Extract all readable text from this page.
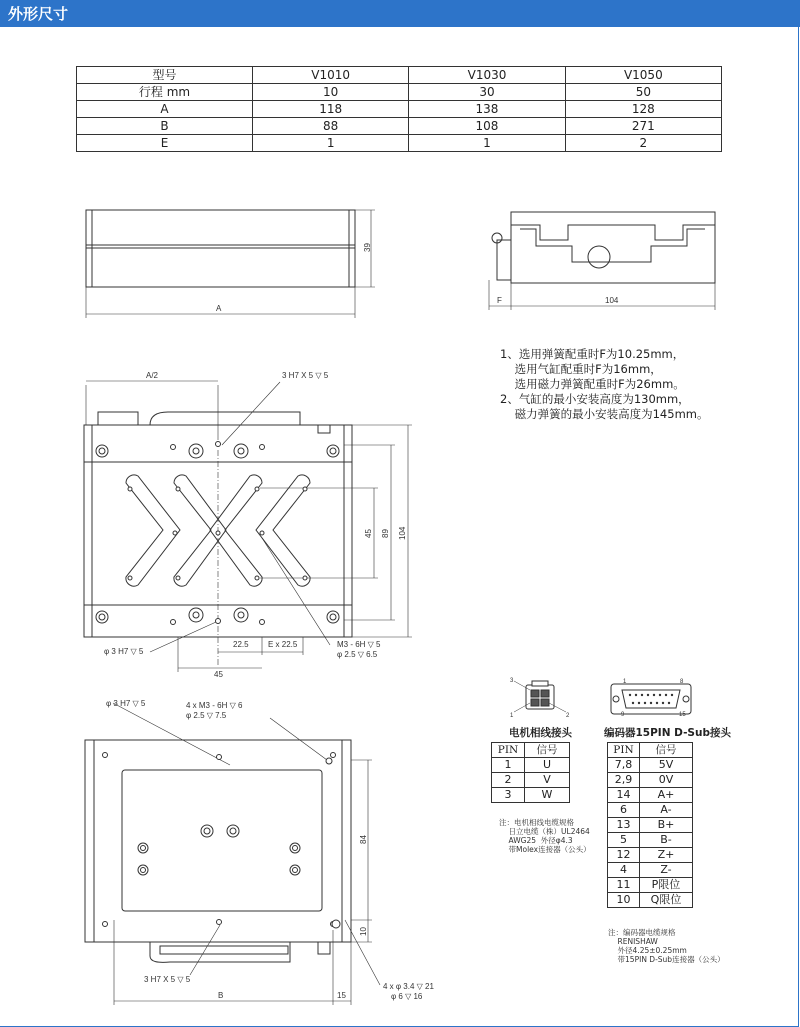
外形尺寸
型号	V1010	V1030	V1050
行程 mm	10	30	50
A	118	138	128
B	88	108	271
E	1	1	2
39
A
F	104
A/2	3 H7 X 5 ▽ 5
104
89
45
22.5 E x 22.5	M3 - 6H ▽ 5
φ 2.5 ▽ 6.5
φ 3 H7 ▽ 5
45
φ 3 H7 ▽ 5	4 x M3 - 6H ▽ 6
φ 2.5 ▽ 7.5
84
10
3 H7 X 5 ▽ 5
4 x φ 3.4 ▽ 21
φ 6 ▽ 16
B	15
3
1	2
1	8
9	15
1、选用弹簧配重时F为10.25mm，
选用气缸配重时F为16mm，
选用磁力弹簧配重时F为26mm。
2、气缸的最小安装高度为130mm，
磁力弹簧的最小安装高度为145mm。
电机相线接头
PIN	信号
1	U
2	V
3	W
注：电机相线电缆规格
日立电缆（株）UL2464
AWG25  外径φ4.3
带Molex连接器（公头）
编码器15PIN D-Sub接头
PIN	信号
7,8	5V
2,9	0V
14	A+
6	A-
13	B+
5	B-
12	Z+
4	Z-
11	P限位
10	Q限位
注：编码器电缆规格
RENISHAW
外径4.25±0.25mm
带15PIN D-Sub连接器（公头）
